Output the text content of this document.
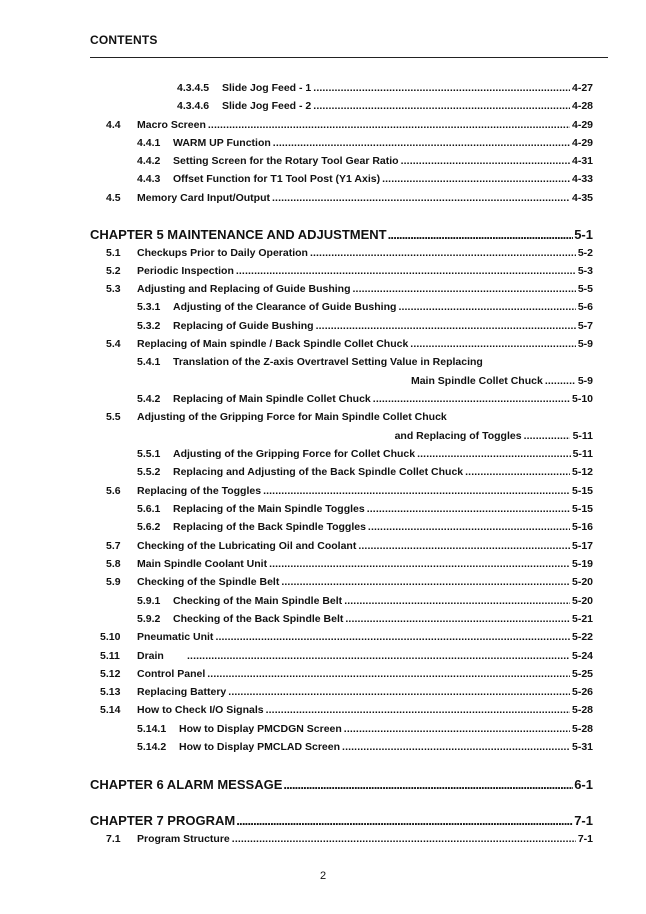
CONTENTS
4.3.4.5	Slide Jog Feed - 1 . . .	4-27
4.3.4.6	Slide Jog Feed - 2 . . .	4-28
4.4	Macro Screen . . .	4-29
4.4.1	WARM UP Function . . .	4-29
4.4.2	Setting Screen for the Rotary Tool Gear Ratio . . .	4-31
4.4.3	Offset Function for T1 Tool Post (Y1 Axis) . . .	4-33
4.5	Memory Card Input/Output . . .	4-35
CHAPTER 5 MAINTENANCE AND ADJUSTMENT . . .	5-1
5.1	Checkups Prior to Daily Operation . . .	5-2
5.2	Periodic Inspection . . .	5-3
5.3	Adjusting and Replacing of Guide Bushing . . .	5-5
5.3.1	Adjusting of the Clearance of Guide Bushing . . .	5-6
5.3.2	Replacing of Guide Bushing . . .	5-7
5.4	Replacing of Main spindle / Back Spindle Collet Chuck . . .	5-9
5.4.1	Translation of the Z-axis Overtravel Setting Value in Replacing
Main Spindle Collet Chuck . . .	5-9
5.4.2	Replacing of Main Spindle Collet Chuck . . .	5-10
5.5	Adjusting of the Gripping Force for Main Spindle Collet Chuck
and Replacing of Toggles . . .	5-11
5.5.1	Adjusting of the Gripping Force for Collet Chuck . . .	5-11
5.5.2	Replacing and Adjusting of the Back Spindle Collet Chuck . . .	5-12
5.6	Replacing of the Toggles . . .	5-15
5.6.1	Replacing of the Main Spindle Toggles . . .	5-15
5.6.2	Replacing of the Back Spindle Toggles . . .	5-16
5.7	Checking of the Lubricating Oil and Coolant . . .	5-17
5.8	Main Spindle Coolant Unit . . .	5-19
5.9	Checking of the Spindle Belt . . .	5-20
5.9.1	Checking of the Main Spindle Belt . . .	5-20
5.9.2	Checking of the Back Spindle Belt . . .	5-21
5.10	Pneumatic Unit . . .	5-22
5.11	Drain . . .	5-24
5.12	Control Panel . . .	5-25
5.13	Replacing Battery . . .	5-26
5.14	How to Check I/O Signals . . .	5-28
5.14.1	How to Display PMCDGN Screen . . .	5-28
5.14.2	How to Display PMCLAD Screen . . .	5-31
CHAPTER 6 ALARM MESSAGE . . .	6-1
CHAPTER 7 PROGRAM . . .	7-1
7.1	Program Structure . . .	7-1
2
